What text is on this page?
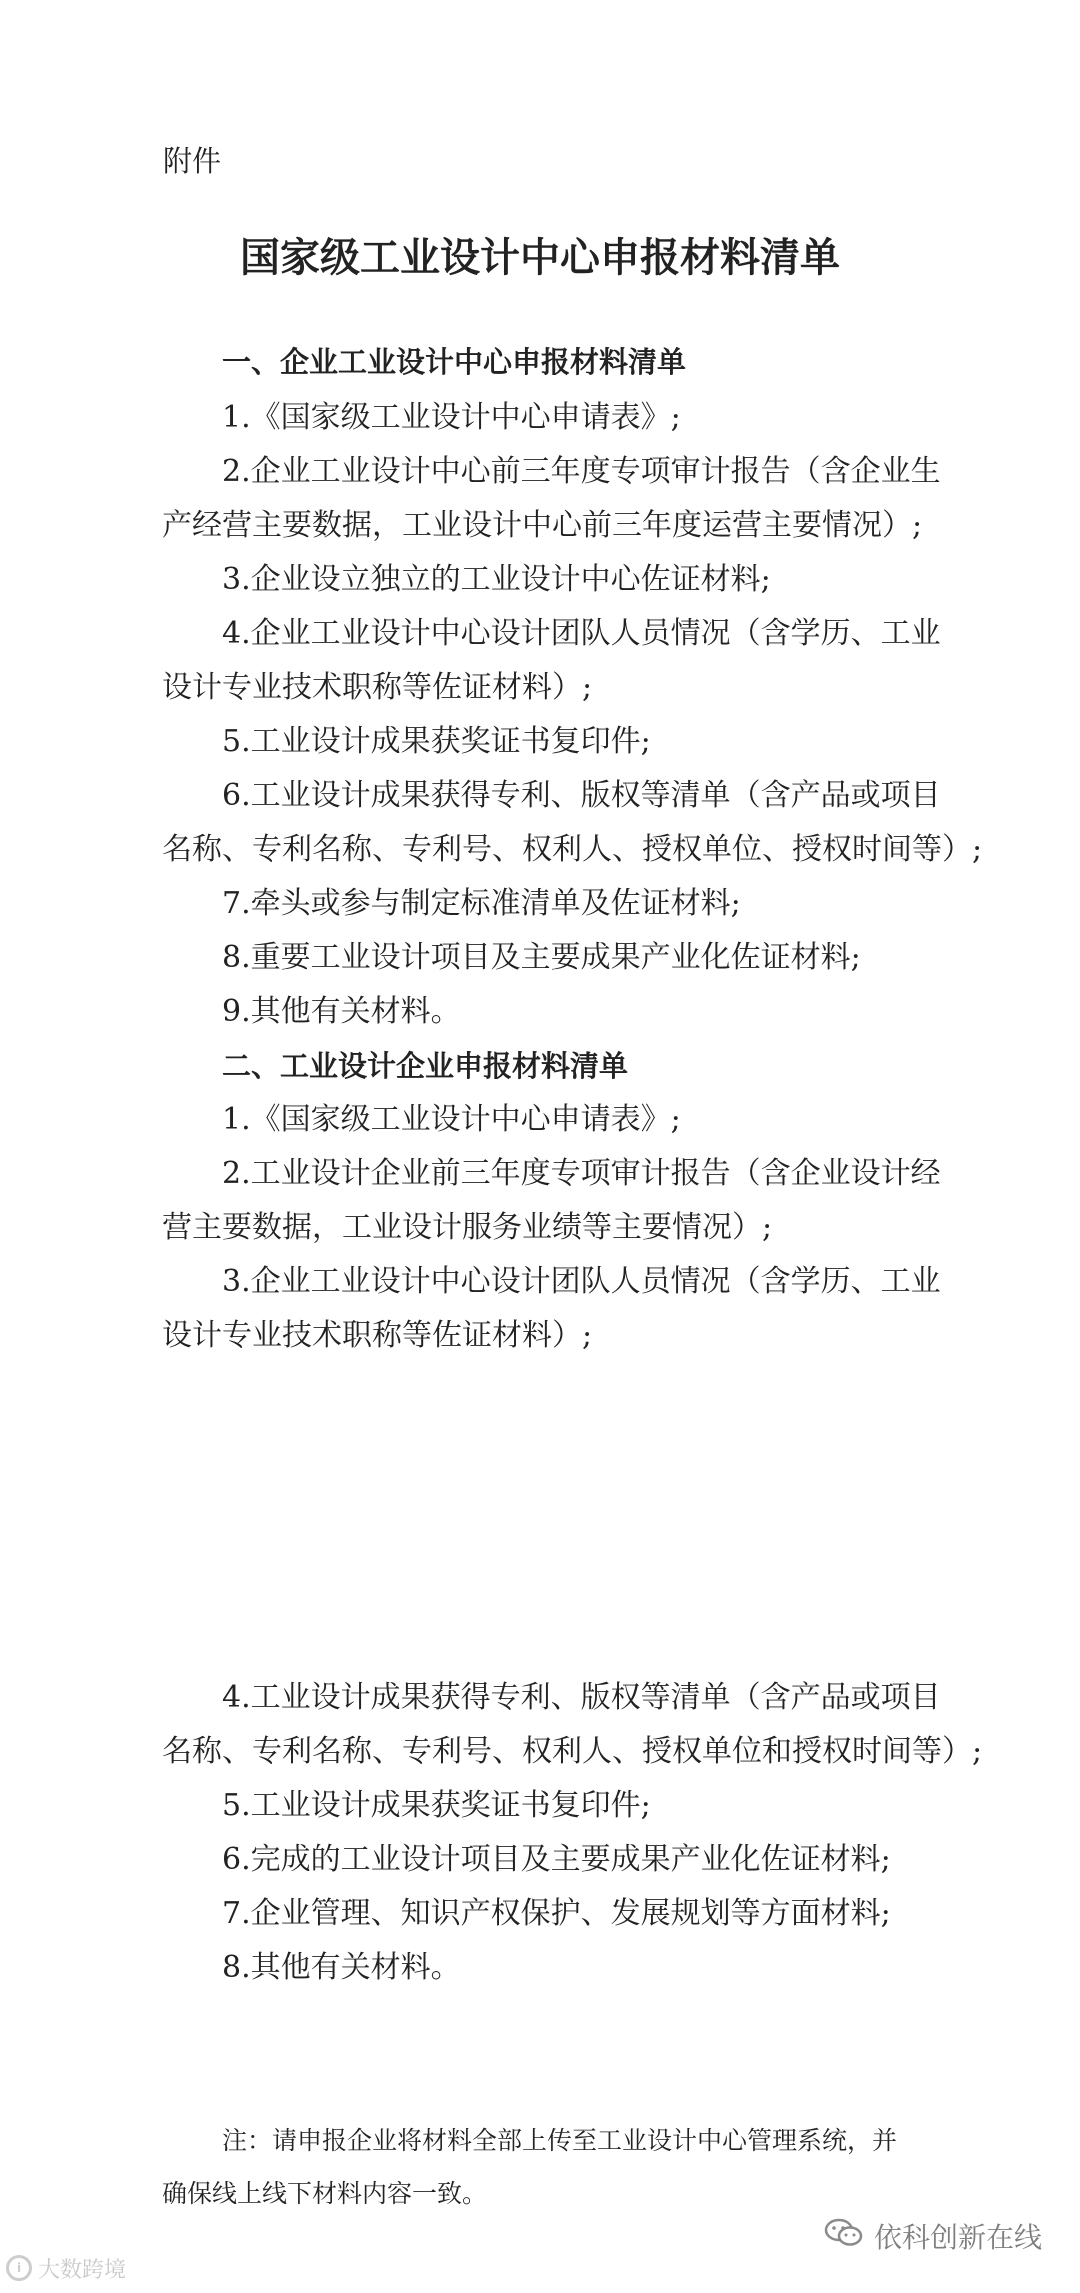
附件
国家级工业设计中心申报材料清单
一、企业工业设计中心申报材料清单
1.《国家级工业设计中心申请表》;
2.企业工业设计中心前三年度专项审计报告（含企业生
产经营主要数据，工业设计中心前三年度运营主要情况）;
3.企业设立独立的工业设计中心佐证材料;
4.企业工业设计中心设计团队人员情况（含学历、工业
设计专业技术职称等佐证材料）;
5.工业设计成果获奖证书复印件;
6.工业设计成果获得专利、版权等清单（含产品或项目
名称、专利名称、专利号、权利人、授权单位、授权时间等）;
7.牵头或参与制定标准清单及佐证材料;
8.重要工业设计项目及主要成果产业化佐证材料;
9.其他有关材料。
二、工业设计企业申报材料清单
1.《国家级工业设计中心申请表》;
2.工业设计企业前三年度专项审计报告（含企业设计经
营主要数据，工业设计服务业绩等主要情况）;
3.企业工业设计中心设计团队人员情况（含学历、工业
设计专业技术职称等佐证材料）;
4.工业设计成果获得专利、版权等清单（含产品或项目
名称、专利名称、专利号、权利人、授权单位和授权时间等）;
5.工业设计成果获奖证书复印件;
6.完成的工业设计项目及主要成果产业化佐证材料;
7.企业管理、知识产权保护、发展规划等方面材料;
8.其他有关材料。
注：请申报企业将材料全部上传至工业设计中心管理系统，并
确保线上线下材料内容一致。
i 大数跨境
依科创新在线
